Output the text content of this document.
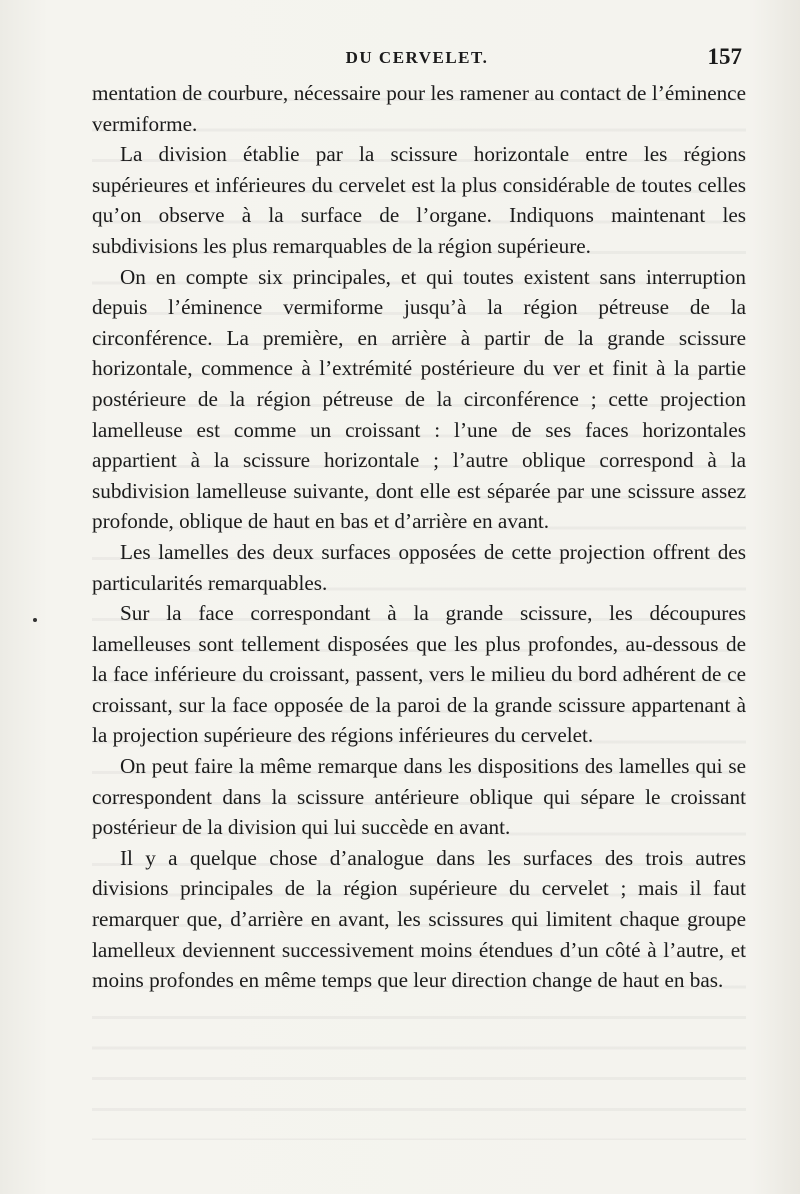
DU CERVELET.	157

mentation de courbure, nécessaire pour les ramener au contact de l’éminence vermiforme.

La division établie par la scissure horizontale entre les régions supérieures et inférieures du cervelet est la plus considérable de toutes celles qu’on observe à la surface de l’organe. Indiquons maintenant les subdivisions les plus remarquables de la région supérieure.

On en compte six principales, et qui toutes existent sans interruption depuis l’éminence vermiforme jusqu’à la région pétreuse de la circonférence. La première, en arrière à partir de la grande scissure horizontale, commence à l’extrémité postérieure du ver et finit à la partie postérieure de la région pétreuse de la circonférence ; cette projection lamelleuse est comme un croissant : l’une de ses faces horizontales appartient à la scissure horizontale ; l’autre oblique correspond à la subdivision lamelleuse suivante, dont elle est séparée par une scissure assez profonde, oblique de haut en bas et d’arrière en avant.

Les lamelles des deux surfaces opposées de cette projection offrent des particularités remarquables.

Sur la face correspondant à la grande scissure, les découpures lamelleuses sont tellement disposées que les plus profondes, au-dessous de la face inférieure du croissant, passent, vers le milieu du bord adhérent de ce croissant, sur la face opposée de la paroi de la grande scissure appartenant à la projection supérieure des régions inférieures du cervelet.

On peut faire la même remarque dans les dispositions des lamelles qui se correspondent dans la scissure antérieure oblique qui sépare le croissant postérieur de la division qui lui succède en avant.

Il y a quelque chose d’analogue dans les surfaces des trois autres divisions principales de la région supérieure du cervelet ; mais il faut remarquer que, d’arrière en avant, les scissures qui limitent chaque groupe lamelleux deviennent successivement moins étendues d’un côté à l’autre, et moins profondes en même temps que leur direction change de haut en bas.
